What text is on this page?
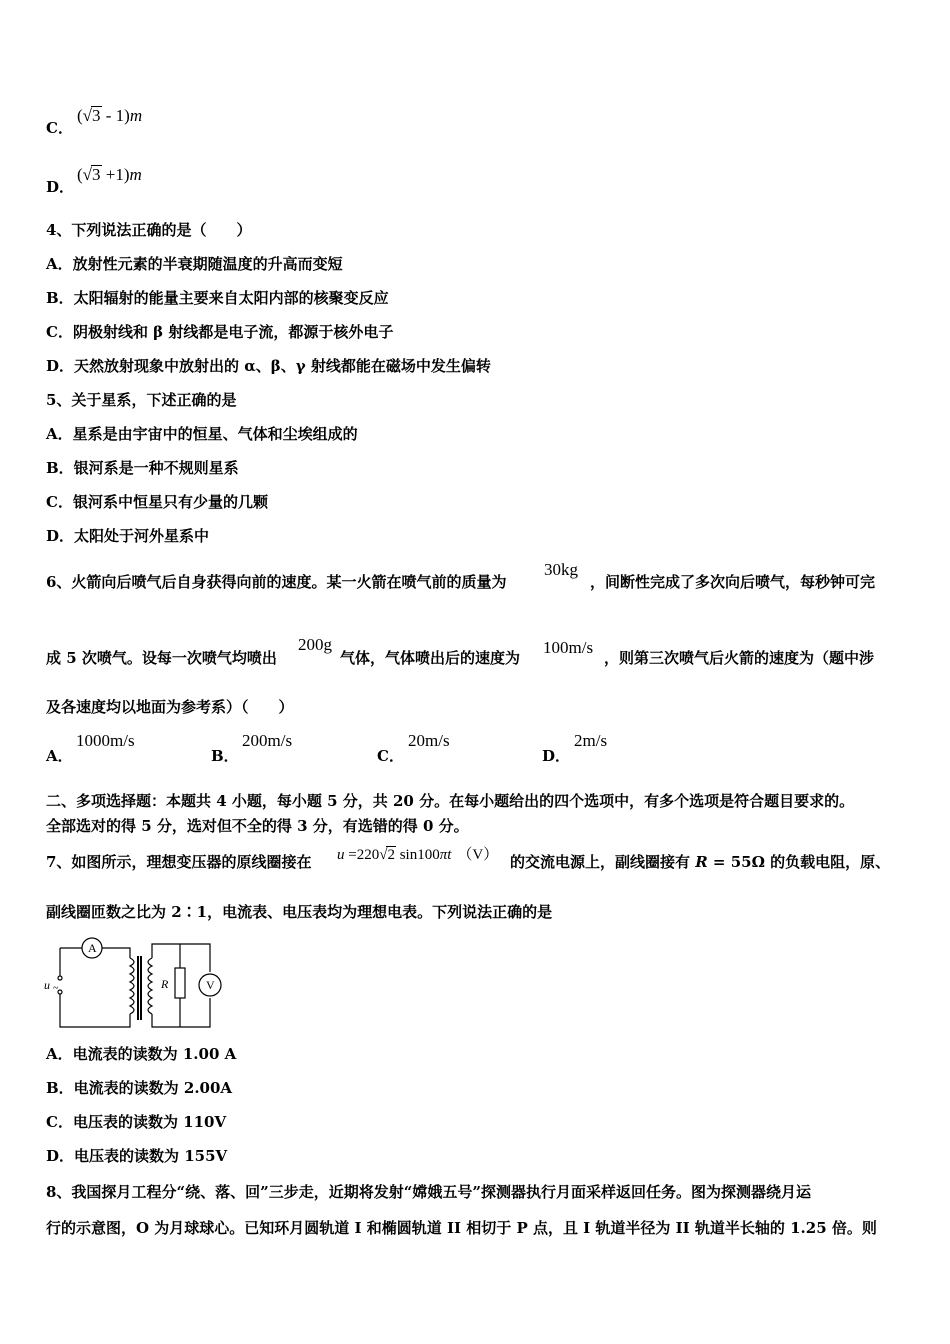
C．
(√3 - 1)m
D．
(√3 +1)m
4、下列说法正确的是（　　）
A．放射性元素的半衰期随温度的升高而变短
B．太阳辐射的能量主要来自太阳内部的核聚变反应
C．阴极射线和 β 射线都是电子流，都源于核外电子
D．天然放射现象中放射出的 α、β、γ 射线都能在磁场中发生偏转
5、关于星系，下述正确的是
A．星系是由宇宙中的恒星、气体和尘埃组成的
B．银河系是一种不规则星系
C．银河系中恒星只有少量的几颗
D．太阳处于河外星系中
6、火箭向后喷气后自身获得向前的速度。某一火箭在喷气前的质量为
30kg
，间断性完成了多次向后喷气，每秒钟可完
成 5 次喷气。设每一次喷气均喷出
200g
气体，气体喷出后的速度为
100m/s
，则第三次喷气后火箭的速度为（题中涉
及各速度均以地面为参考系）（　　）
A．
1000m/s
B．
200m/s
C．
20m/s
D．
2m/s
二、多项选择题：本题共 4 小题，每小题 5 分，共 20 分。在每小题给出的四个选项中，有多个选项是符合题目要求的。
全部选对的得 5 分，选对但不全的得 3 分，有选错的得 0 分。
7、如图所示，理想变压器的原线圈接在 u =220√2 sin100πt （V） 的交流电源上，副线圈接有 R = 55Ω 的负载电阻，原、
副线圈匝数之比为 2∶1，电流表、电压表均为理想电表。下列说法正确的是
A
V
R
u ~
A．电流表的读数为 1.00 A
B．电流表的读数为 2.00A
C．电压表的读数为 110V
D．电压表的读数为 155V
8、我国探月工程分“绕、落、回”三步走，近期将发射“嫦娥五号”探测器执行月面采样返回任务。图为探测器绕月运
行的示意图，O 为月球球心。已知环月圆轨道 I 和椭圆轨道 II 相切于 P 点，且 I 轨道半径为 II 轨道半长轴的 1.25 倍。则
